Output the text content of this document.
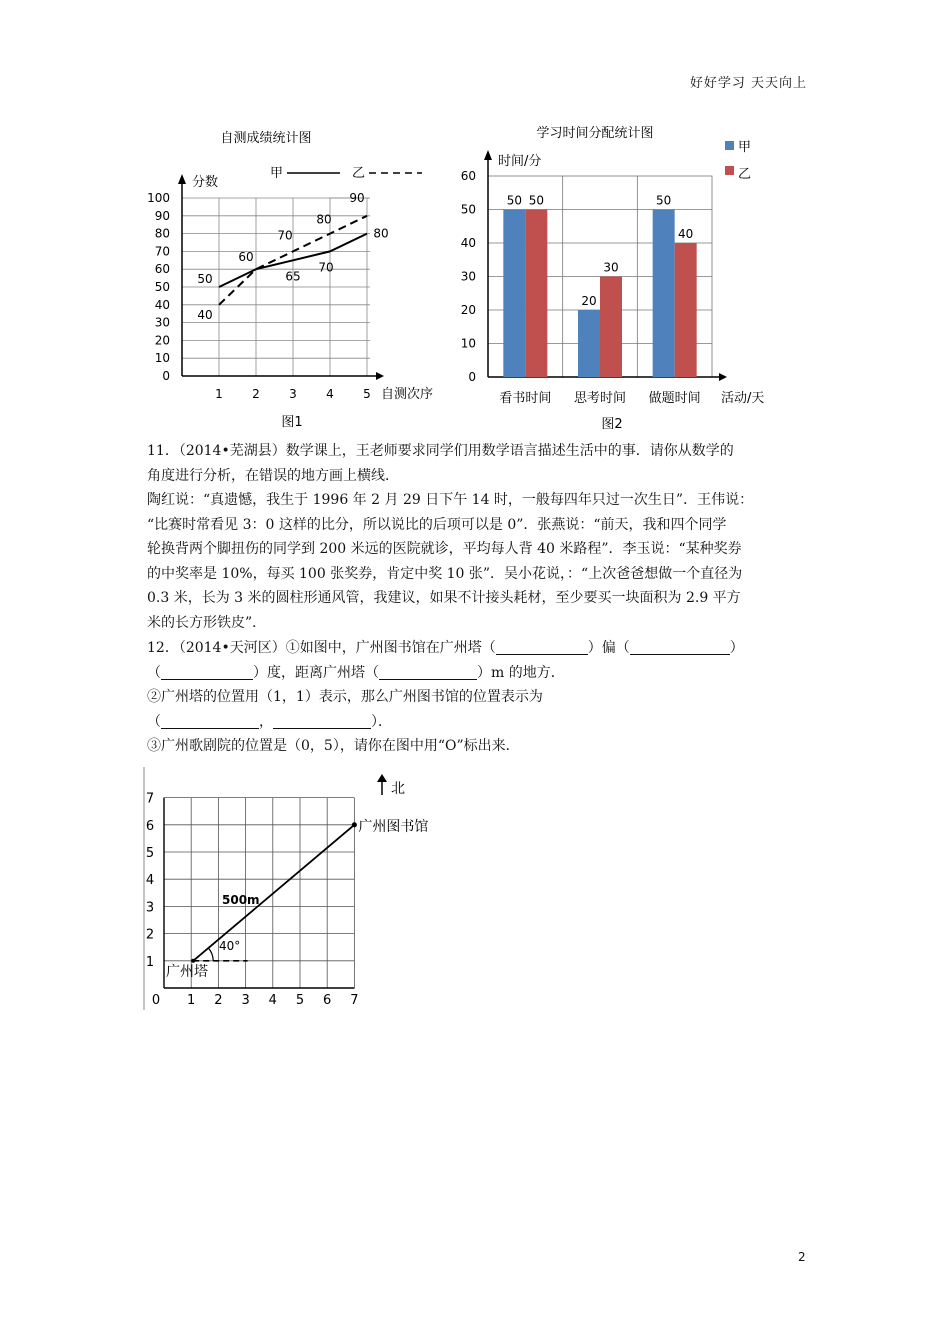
好好学习 天天向上
自测成绩统计图
甲	乙
分数
自测次序
图1
0
10
20
30
40
50
60
70
80
90
100
1 2 3 4 5
50
60
65
70
80
40
70
80
90
学习时间分配统计图
时间/分
甲
乙
活动/天
图2
0
10
20
30
40
50
60
50 50
看书时间
20
30
思考时间
50
40
做题时间

11．（2014•芜湖县）数学课上，王老师要求同学们用数学语言描述生活中的事．请你从数学的

角度进行分析，在错误的地方画上横线．

陶红说：“真遗憾，我生于 1996 年 2 月 29 日下午 14 时，一般每四年只过一次生日”．王伟说：

“比赛时常看见 3：0 这样的比分，所以说比的后项可以是 0”．张燕说：“前天，我和四个同学

轮换背两个脚扭伤的同学到 200 米远的医院就诊，平均每人背 40 米路程”．李玉说：“某种奖券

的中奖率是 10%，每买 100 张奖券，肯定中奖 10 张”．吴小花说，：“上次爸爸想做一个直径为

0.3 米，长为 3 米的圆柱形通风管，我建议，如果不计接头耗材，至少要买一块面积为 2.9 平方

米的长方形铁皮”．

12．（2014•天河区）①如图中，广州图书馆在广州塔（	）偏（	）

（	）度，距离广州塔（	）m 的地方．

②广州塔的位置用（1，1）表示，那么广州图书馆的位置表示为

（	，	）．

③广州歌剧院的位置是（0，5），请你在图中用“O”标出来．

北
0 1 2 3 4 5 6 7
1
2
3
4
5
6
7
广州图书馆
广州塔
500m
40°
2
